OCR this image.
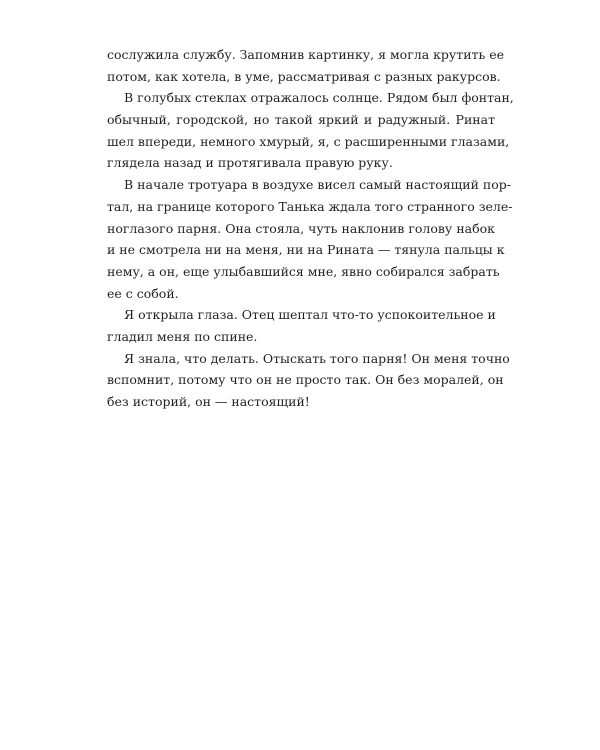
сослужила службу. Запомнив картинку, я могла крутить ее
потом, как хотела, в уме, рассматривая с разных ракурсов.
В голубых стеклах отражалось солнце. Рядом был фонтан,
обычный, городской, но такой яркий и радужный. Ринат
шел впереди, немного хмурый, я, с расширенными глазами,
глядела назад и протягивала правую руку.
В начале тротуара в воздухе висел самый настоящий пор-
тал, на границе которого Танька ждала того странного зеле-
ноглазого парня. Она стояла, чуть наклонив голову набок
и не смотрела ни на меня, ни на Рината — тянула пальцы к
нему, а он, еще улыбавшийся мне, явно собирался забрать
ее с собой.
Я открыла глаза. Отец шептал что-то успокоительное и
гладил меня по спине.
Я знала, что делать. Отыскать того парня! Он меня точно
вспомнит, потому что он не просто так. Он без моралей, он
без историй, он — настоящий!
